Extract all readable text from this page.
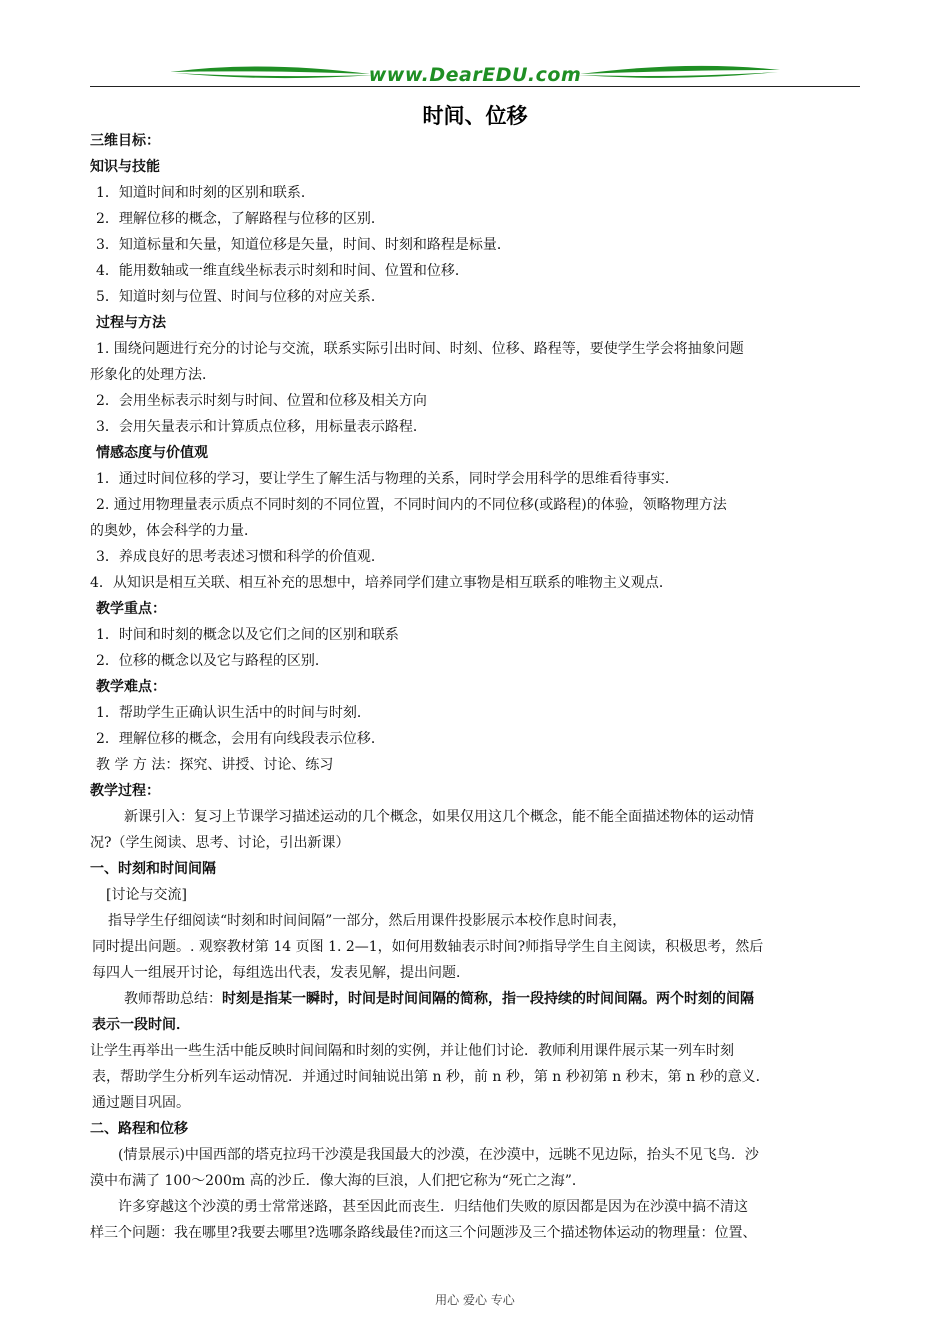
www.DearEDU.com
时间、位移
三维目标：
知识与技能
1．知道时间和时刻的区别和联系．
2．理解位移的概念，了解路程与位移的区别．
3．知道标量和矢量，知道位移是矢量，时间、时刻和路程是标量．
4．能用数轴或一维直线坐标表示时刻和时间、位置和位移．
5．知道时刻与位置、时间与位移的对应关系．
过程与方法
1. 围绕问题进行充分的讨论与交流，联系实际引出时间、时刻、位移、路程等，要使学生学会将抽象问题
形象化的处理方法．
2．会用坐标表示时刻与时间、位置和位移及相关方向
3．会用矢量表示和计算质点位移，用标量表示路程．
情感态度与价值观
1．通过时间位移的学习，要让学生了解生活与物理的关系，同时学会用科学的思维看待事实．
2. 通过用物理量表示质点不同时刻的不同位置，不同时间内的不同位移(或路程)的体验，领略物理方法
的奥妙，体会科学的力量．
3．养成良好的思考表述习惯和科学的价值观．
4．从知识是相互关联、相互补充的思想中，培养同学们建立事物是相互联系的唯物主义观点．
教学重点：
1．时间和时刻的概念以及它们之间的区别和联系
2．位移的概念以及它与路程的区别．
教学难点：
1．帮助学生正确认识生活中的时间与时刻．
2．理解位移的概念，会用有向线段表示位移．
教 学 方 法：探究、讲授、讨论、练习
教学过程：
新课引入：复习上节课学习描述运动的几个概念，如果仅用这几个概念，能不能全面描述物体的运动情
况?（学生阅读、思考、讨论，引出新课）
一、时刻和时间间隔
[讨论与交流]
指导学生仔细阅读“时刻和时间间隔”一部分，然后用课件投影展示本校作息时间表，
同时提出问题。. 观察教材第 14 页图 1. 2—1，如何用数轴表示时间?师指导学生自主阅读，积极思考，然后
每四人一组展开讨论，每组选出代表，发表见解，提出问题．
教师帮助总结：时刻是指某一瞬时，时间是时间间隔的简称，指一段持续的时间间隔。两个时刻的间隔
表示一段时间．
让学生再举出一些生活中能反映时间间隔和时刻的实例，并让他们讨论．教师利用课件展示某一列车时刻
表，帮助学生分析列车运动情况．并通过时间轴说出第 n 秒，前 n 秒，第 n 秒初第 n 秒末，第 n 秒的意义．
通过题目巩固。
二、路程和位移
(情景展示)中国西部的塔克拉玛干沙漠是我国最大的沙漠，在沙漠中，远眺不见边际，抬头不见飞鸟．沙
漠中布满了 100～200m 高的沙丘．像大海的巨浪，人们把它称为“死亡之海”．
许多穿越这个沙漠的勇士常常迷路，甚至因此而丧生．归结他们失败的原因都是因为在沙漠中搞不清这
样三个问题：我在哪里?我要去哪里?选哪条路线最佳?而这三个问题涉及三个描述物体运动的物理量：位置、
用心 爱心 专心
